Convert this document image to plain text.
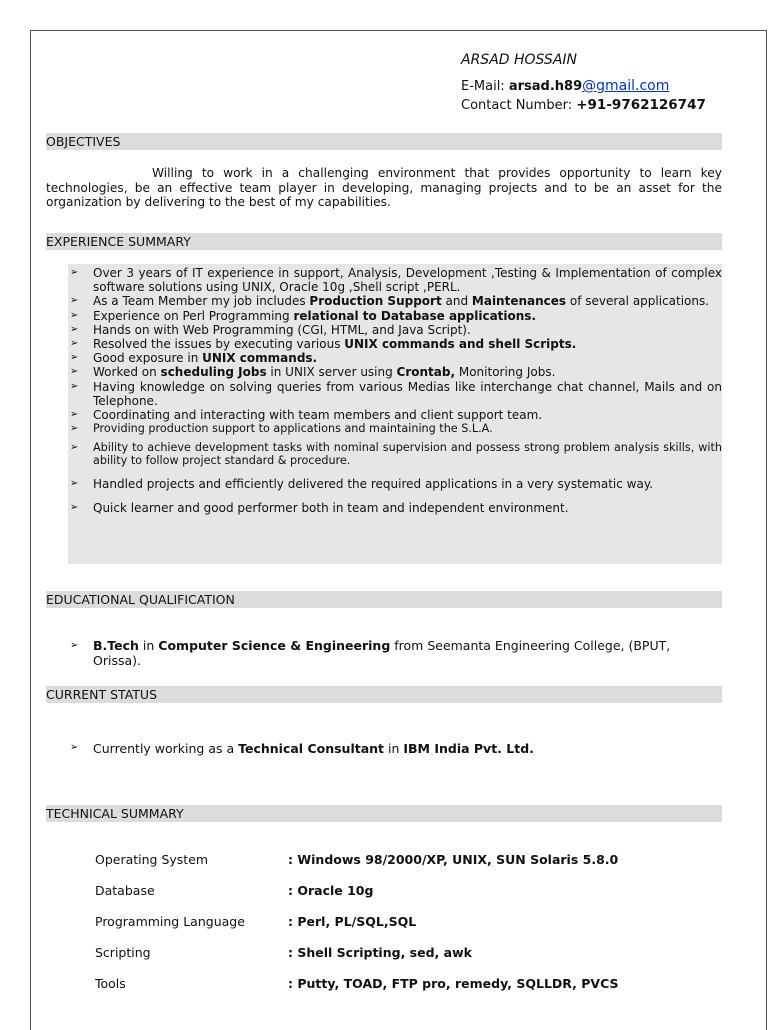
ARSAD HOSSAIN
E-Mail: arsad.h89@gmail.com
Contact Number: +91-9762126747
OBJECTIVES
Willing to work in a challenging environment that provides opportunity to learn key technologies, be an effective team player in developing, managing projects and to be an asset for the organization by delivering to the best of my capabilities.
EXPERIENCE SUMMARY
➢ Over 3 years of IT experience in support, Analysis, Development ,Testing & Implementation of complex software solutions using UNIX, Oracle 10g ,Shell script ,PERL.
➢ As a Team Member my job includes Production Support and Maintenances of several applications.
➢ Experience on Perl Programming relational to Database applications.
➢ Hands on with Web Programming (CGI, HTML, and Java Script).
➢ Resolved the issues by executing various UNIX commands and shell Scripts.
➢ Good exposure in UNIX commands.
➢ Worked on scheduling Jobs in UNIX server using Crontab, Monitoring Jobs.
➢ Having knowledge on solving queries from various Medias like interchange chat channel, Mails and on Telephone.
➢ Coordinating and interacting with team members and client support team.
➢ Providing production support to applications and maintaining the S.L.A.
➢ Ability to achieve development tasks with nominal supervision and possess strong problem analysis skills, with ability to follow project standard & procedure.
➢ Handled projects and efficiently delivered the required applications in a very systematic way.
➢ Quick learner and good performer both in team and independent environment.
EDUCATIONAL QUALIFICATION
➢ B.Tech in Computer Science & Engineering from Seemanta Engineering College, (BPUT, Orissa).
CURRENT STATUS
➢ Currently working as a Technical Consultant in IBM India Pvt. Ltd.
TECHNICAL SUMMARY
Operating System	: Windows 98/2000/XP, UNIX, SUN Solaris 5.8.0
Database	: Oracle 10g
Programming Language	: Perl, PL/SQL,SQL
Scripting	: Shell Scripting, sed, awk
Tools	: Putty, TOAD, FTP pro, remedy, SQLLDR, PVCS
